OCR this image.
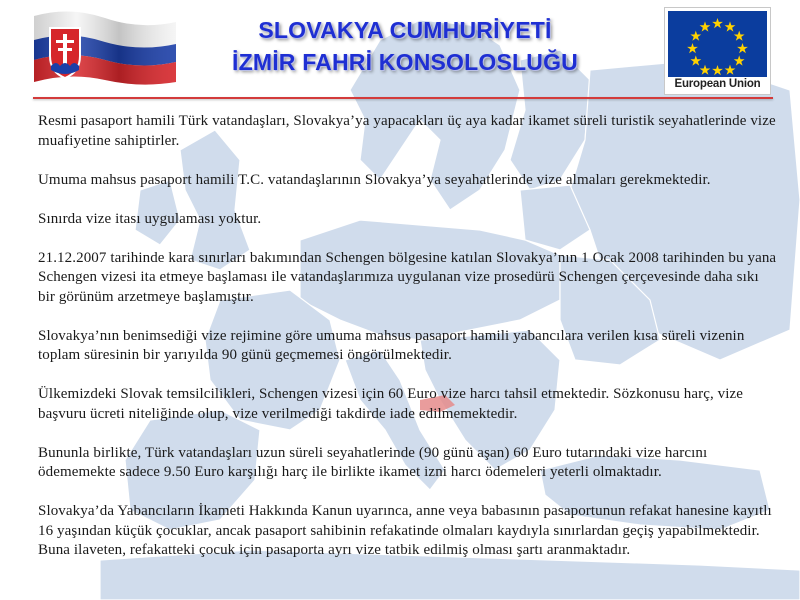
SLOVAKYA CUMHURİYETİ
İZMİR FAHRİ KONSOLOSLUĞU
European Union

Resmi pasaport hamili Türk vatandaşları, Slovakya’ya yapacakları üç aya kadar ikamet süreli turistik seyahatlerinde vize muafiyetine sahiptirler.

Umuma mahsus pasaport hamili T.C. vatandaşlarının Slovakya’ya seyahatlerinde vize almaları gerekmektedir.

Sınırda vize itası uygulaması yoktur.

21.12.2007 tarihinde kara sınırları bakımından Schengen bölgesine katılan Slovakya’nın 1 Ocak 2008 tarihinden bu yana Schengen vizesi ita etmeye başlaması ile vatandaşlarımıza uygulanan vize prosedürü Schengen çerçevesinde daha sıkı bir görünüm arzetmeye başlamıştır.

Slovakya’nın benimsediği vize rejimine göre umuma mahsus pasaport hamili yabancılara verilen kısa süreli vizenin toplam süresinin bir yarıyılda 90 günü geçmemesi öngörülmektedir.

Ülkemizdeki Slovak temsilcilikleri, Schengen vizesi için 60 Euro vize harcı tahsil etmektedir. Sözkonusu harç, vize başvuru ücreti niteliğinde olup, vize verilmediği takdirde iade edilmemektedir.

Bununla birlikte, Türk vatandaşları uzun süreli seyahatlerinde (90 günü aşan) 60 Euro tutarındaki vize harcını ödememekte sadece 9.50 Euro karşılığı harç ile birlikte ikamet izni harcı ödemeleri yeterli olmaktadır.

Slovakya’da Yabancıların İkameti Hakkında Kanun uyarınca, anne veya babasının pasaportunun refakat hanesine kayıtlı 16 yaşından küçük çocuklar, ancak pasaport sahibinin refakatinde olmaları kaydıyla sınırlardan geçiş yapabilmektedir. Buna ilaveten, refakatteki çocuk için pasaporta ayrı vize tatbik edilmiş olması şartı aranmaktadır.
